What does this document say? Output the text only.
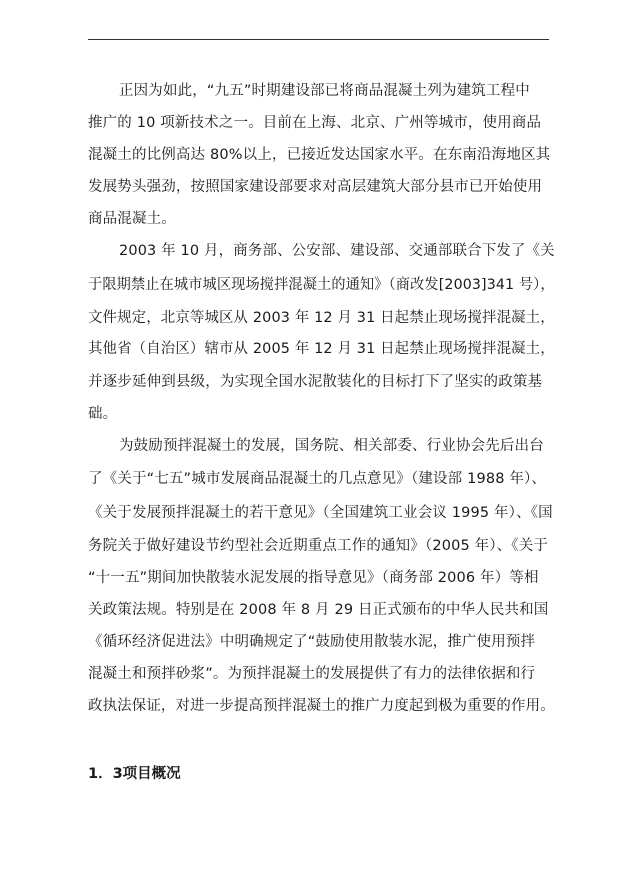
正因为如此，“九五”时期建设部已将商品混凝土列为建筑工程中
推广的 10 项新技术之一。目前在上海、北京、广州等城市，使用商品
混凝土的比例高达 80%以上，已接近发达国家水平。在东南沿海地区其
发展势头强劲，按照国家建设部要求对高层建筑大部分县市已开始使用
商品混凝土。
2003 年 10 月，商务部、公安部、建设部、交通部联合下发了《关
于限期禁止在城市城区现场搅拌混凝土的通知》（商改发[2003]341 号），
文件规定，北京等城区从 2003 年 12 月 31 日起禁止现场搅拌混凝土，
其他省（自治区）辖市从 2005 年 12 月 31 日起禁止现场搅拌混凝土，
并逐步延伸到县级，为实现全国水泥散装化的目标打下了坚实的政策基
础。
为鼓励预拌混凝土的发展，国务院、相关部委、行业协会先后出台
了《关于“七五”城市发展商品混凝土的几点意见》（建设部 1988 年）、
《关于发展预拌混凝土的若干意见》（全国建筑工业会议 1995 年）、《国
务院关于做好建设节约型社会近期重点工作的通知》（2005 年）、《关于
“十一五”期间加快散装水泥发展的指导意见》（商务部 2006 年）等相
关政策法规。特别是在 2008 年 8 月 29 日正式颁布的中华人民共和国
《循环经济促进法》中明确规定了“鼓励使用散装水泥，推广使用预拌
混凝土和预拌砂浆”。为预拌混凝土的发展提供了有力的法律依据和行
政执法保证，对进一步提高预拌混凝土的推广力度起到极为重要的作用。
1．3项目概况
